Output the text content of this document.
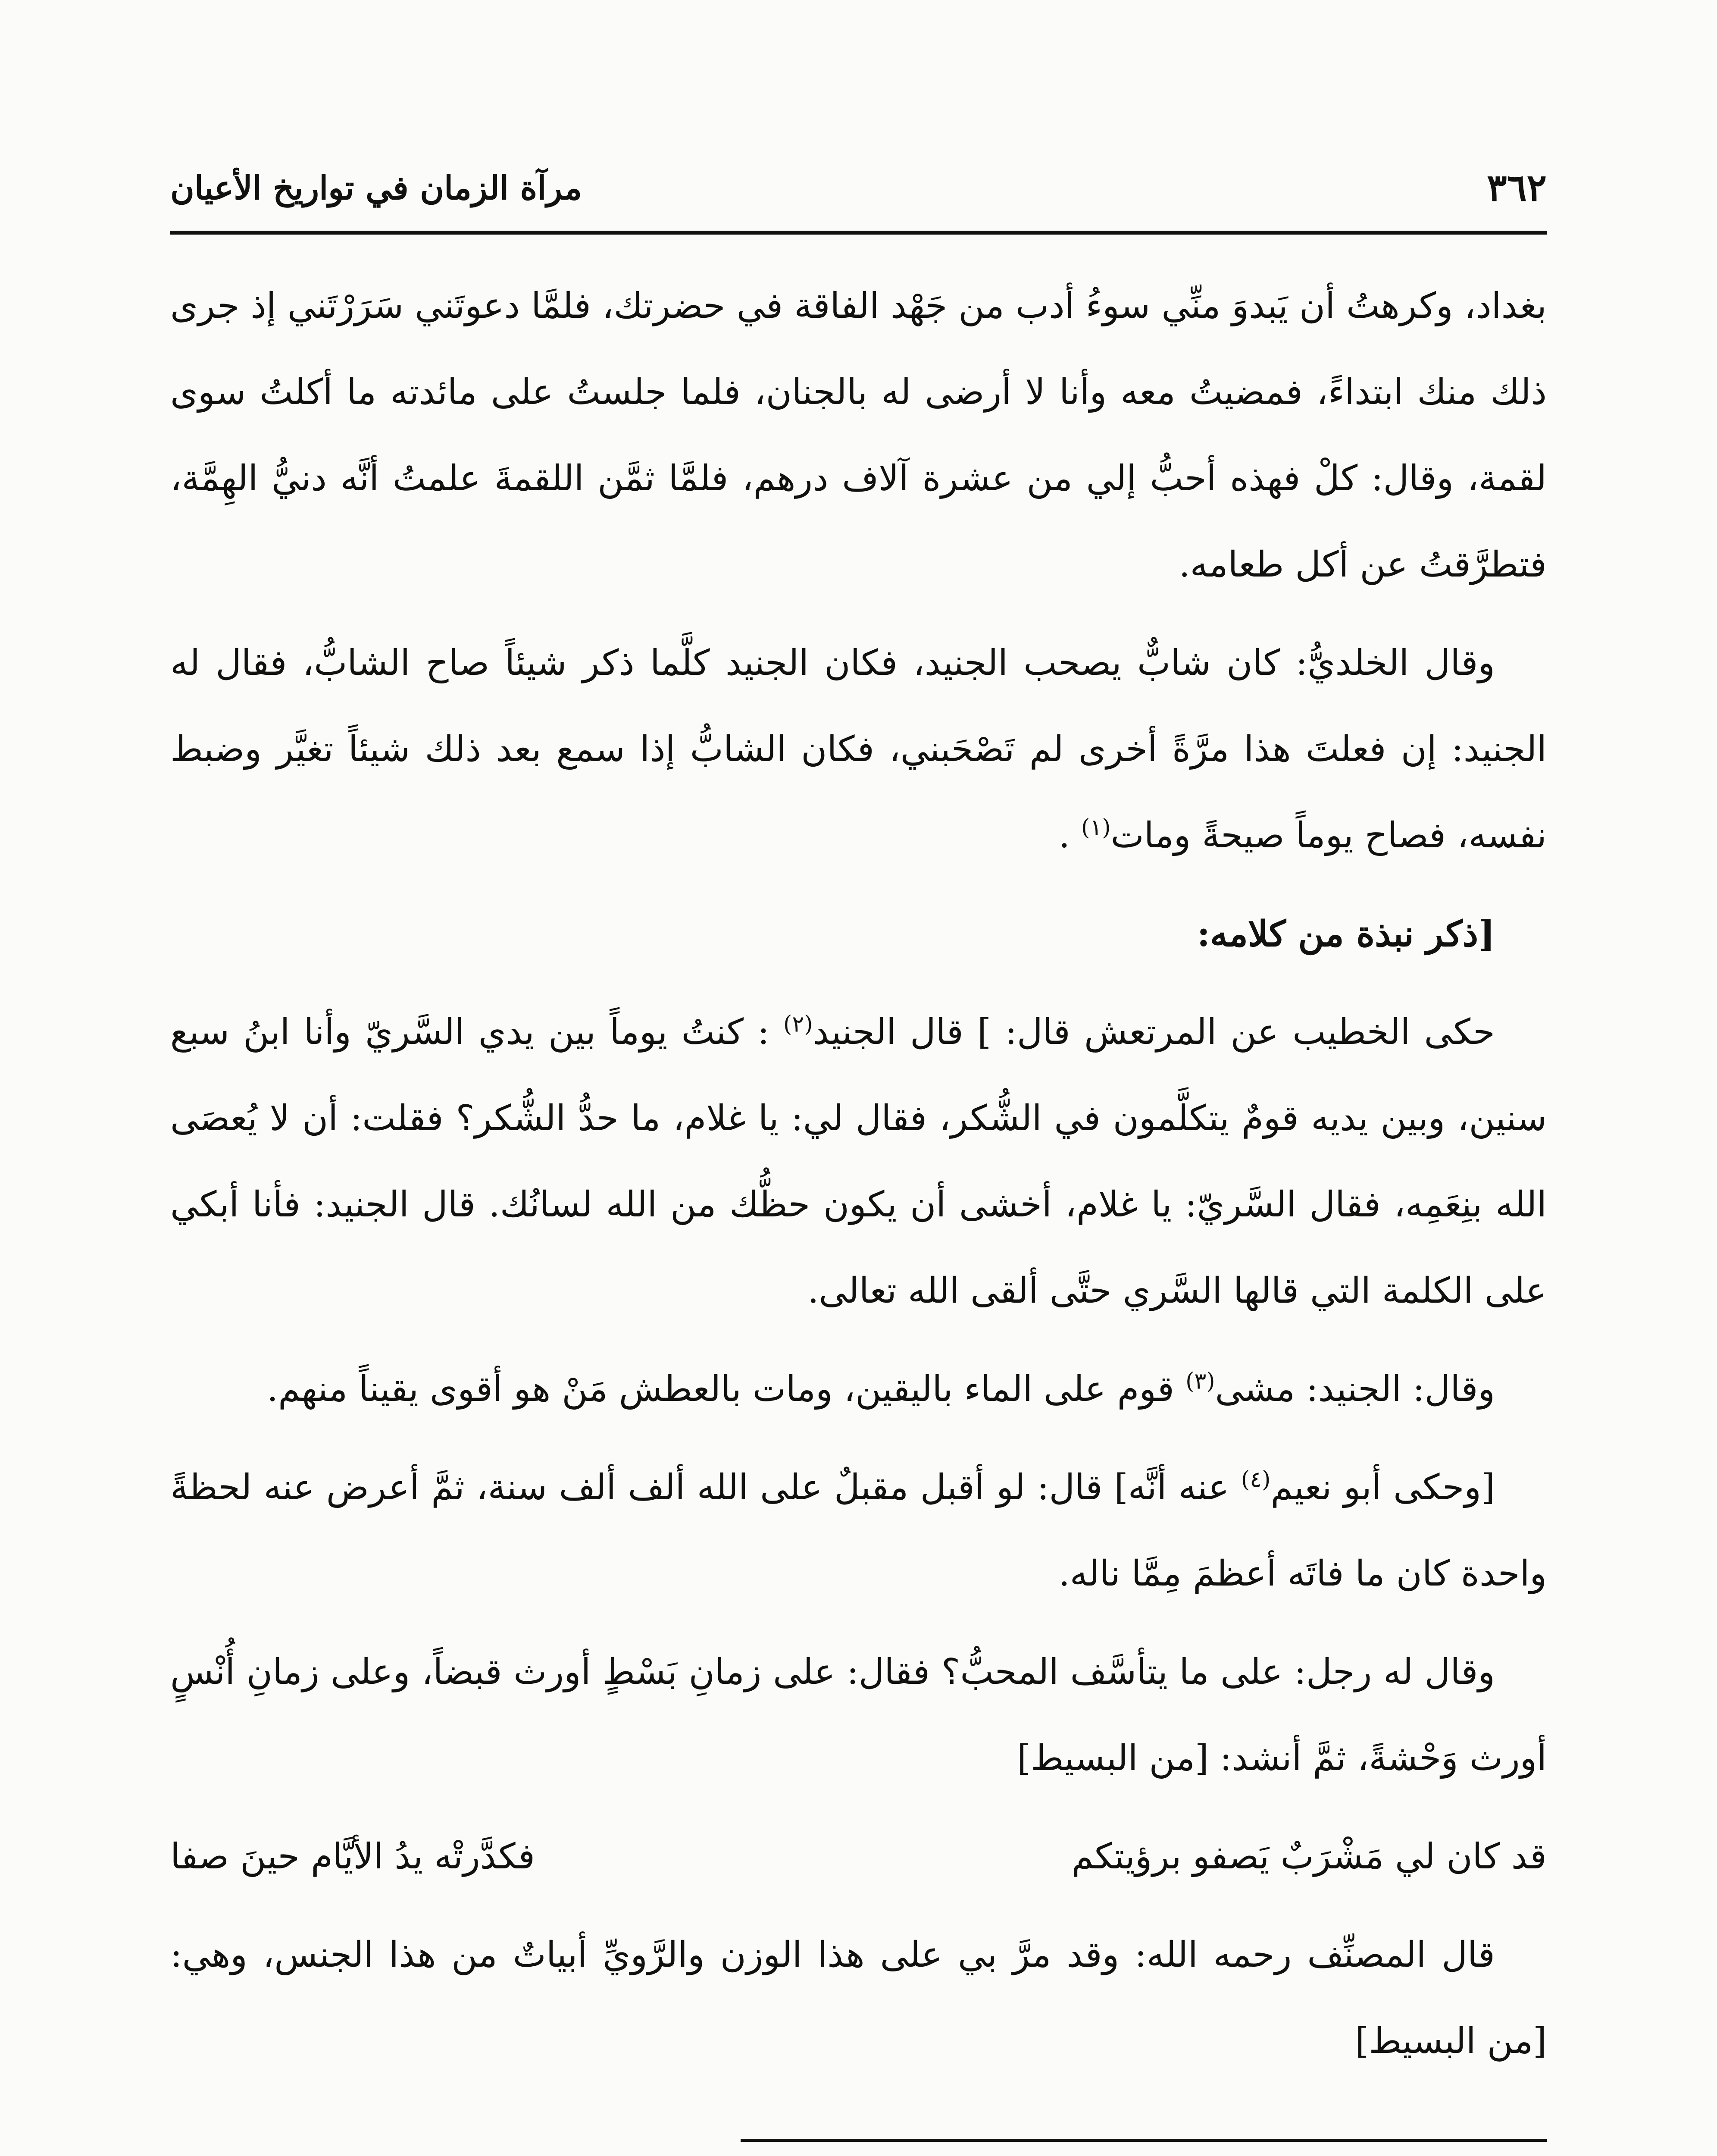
٣٦٢
مرآة الزمان في تواريخ الأعيان

بغداد، وكرهتُ أن يَبدوَ منِّي سوءُ أدب من جَهْد الفاقة في حضرتك، فلمَّا دعوتَني سَرَرْتَني إذ جرى ذلك منك ابتداءً، فمضيتُ معه وأنا لا أرضى له بالجنان، فلما جلستُ على مائدته ما أكلتُ سوى لقمة، وقال: كلْ فهذه أحبُّ إلي من عشرة آلاف درهم، فلمَّا ثمَّن اللقمةَ علمتُ أنَّه دنيُّ الهِمَّة، فتطرَّقتُ عن أكل طعامه.

وقال الخلديُّ: كان شابٌّ يصحب الجنيد، فكان الجنيد كلَّما ذكر شيئاً صاح الشابُّ، فقال له الجنيد: إن فعلتَ هذا مرَّةً أخرى لم تَصْحَبني، فكان الشابُّ إذا سمع بعد ذلك شيئاً تغيَّر وضبط نفسه، فصاح يوماً صيحةً ومات$^{(١)}$ .

[ذكر نبذة من كلامه:

حكى الخطيب عن المرتعش قال: ] قال الجنيد$^{(٢)}$ : كنتُ يوماً بين يدي السَّريّ وأنا ابنُ سبع سنين، وبين يديه قومٌ يتكلَّمون في الشُّكر، فقال لي: يا غلام، ما حدُّ الشُّكر؟ فقلت: أن لا يُعصَى الله بنِعَمِه، فقال السَّريّ: يا غلام، أخشى أن يكون حظُّك من الله لسانُك. قال الجنيد: فأنا أبكي على الكلمة التي قالها السَّري حتَّى ألقى الله تعالى.

وقال: الجنيد: مشى$^{(٣)}$ قوم على الماء باليقين، ومات بالعطش مَنْ هو أقوى يقيناً منهم.

[وحكى أبو نعيم$^{(٤)}$ عنه أنَّه] قال: لو أقبل مقبلٌ على الله ألف ألف سنة، ثمَّ أعرض عنه لحظةً واحدة كان ما فاتَه أعظمَ مِمَّا ناله.

وقال له رجل: على ما يتأسَّف المحبُّ؟ فقال: على زمانِ بَسْطٍ أورث قبضاً، وعلى زمانِ أُنْسٍ أورث وَحْشةً، ثمَّ أنشد: [من البسيط]

قد كان لي مَشْرَبٌ يَصفو برؤيتكم
فكدَّرتْه يدُ الأيَّام حينَ صفا

قال المصنِّف رحمه الله: وقد مرَّ بي على هذا الوزن والرَّويِّ أبياتٌ من هذا الجنس، وهي: [من البسيط]
